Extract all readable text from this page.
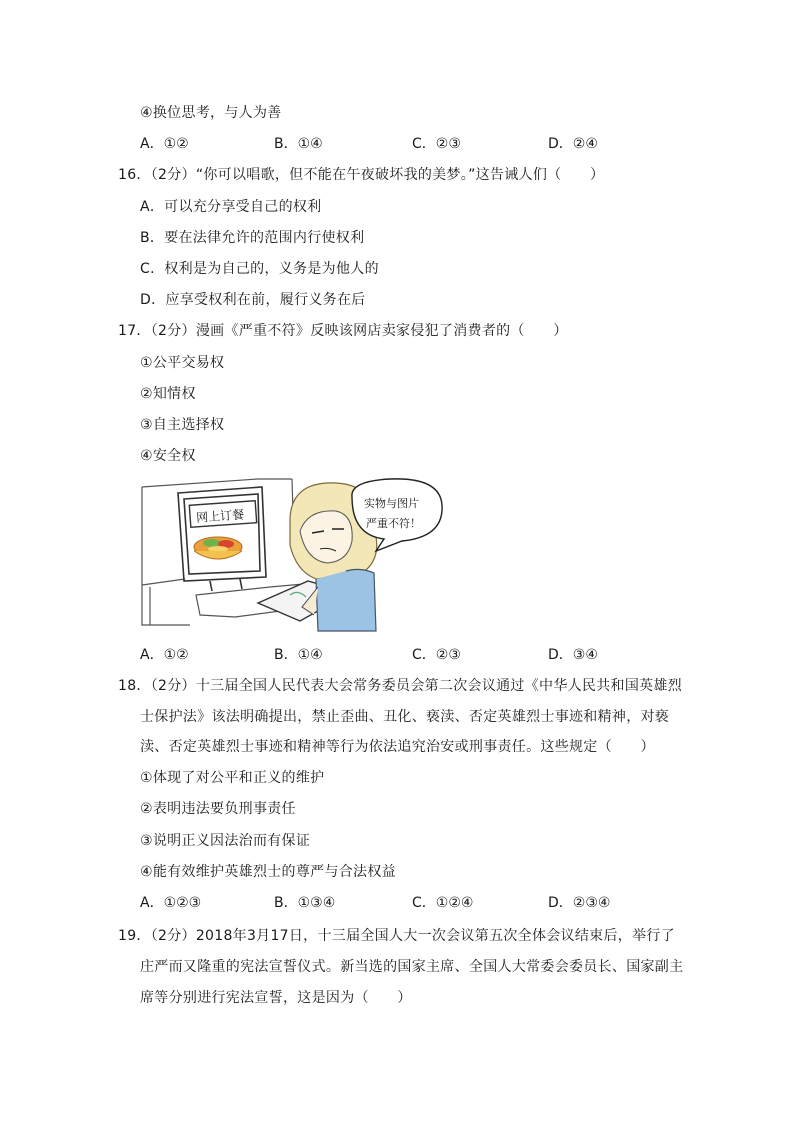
④换位思考，与人为善
A．①②	B．①④	C．②③	D．②④
16．（2分）“你可以唱歌，但不能在午夜破坏我的美梦。”这告诫人们（　　）
A．可以充分享受自己的权利
B．要在法律允许的范围内行使权利
C．权利是为自己的，义务是为他人的
D．应享受权利在前，履行义务在后
17．（2分）漫画《严重不符》反映该网店卖家侵犯了消费者的（　　）
①公平交易权
②知情权
③自主选择权
④安全权
网上订餐
实物与图片
严重不符！
A．①②	B．①④	C．②③	D．③④
18．（2分）十三届全国人民代表大会常务委员会第二次会议通过《中华人民共和国英雄烈
士保护法》该法明确提出，禁止歪曲、丑化、亵渎、否定英雄烈士事迹和精神，对亵
渎、否定英雄烈士事迹和精神等行为依法追究治安或刑事责任。这些规定（　　）
①体现了对公平和正义的维护
②表明违法要负刑事责任
③说明正义因法治而有保证
④能有效维护英雄烈士的尊严与合法权益
A．①②③	B．①③④	C．①②④	D．②③④
19．（2分）2018年3月17日，十三届全国人大一次会议第五次全体会议结束后，举行了
庄严而又隆重的宪法宣誓仪式。新当选的国家主席、全国人大常委会委员长、国家副主
席等分别进行宪法宣誓，这是因为（　　）
